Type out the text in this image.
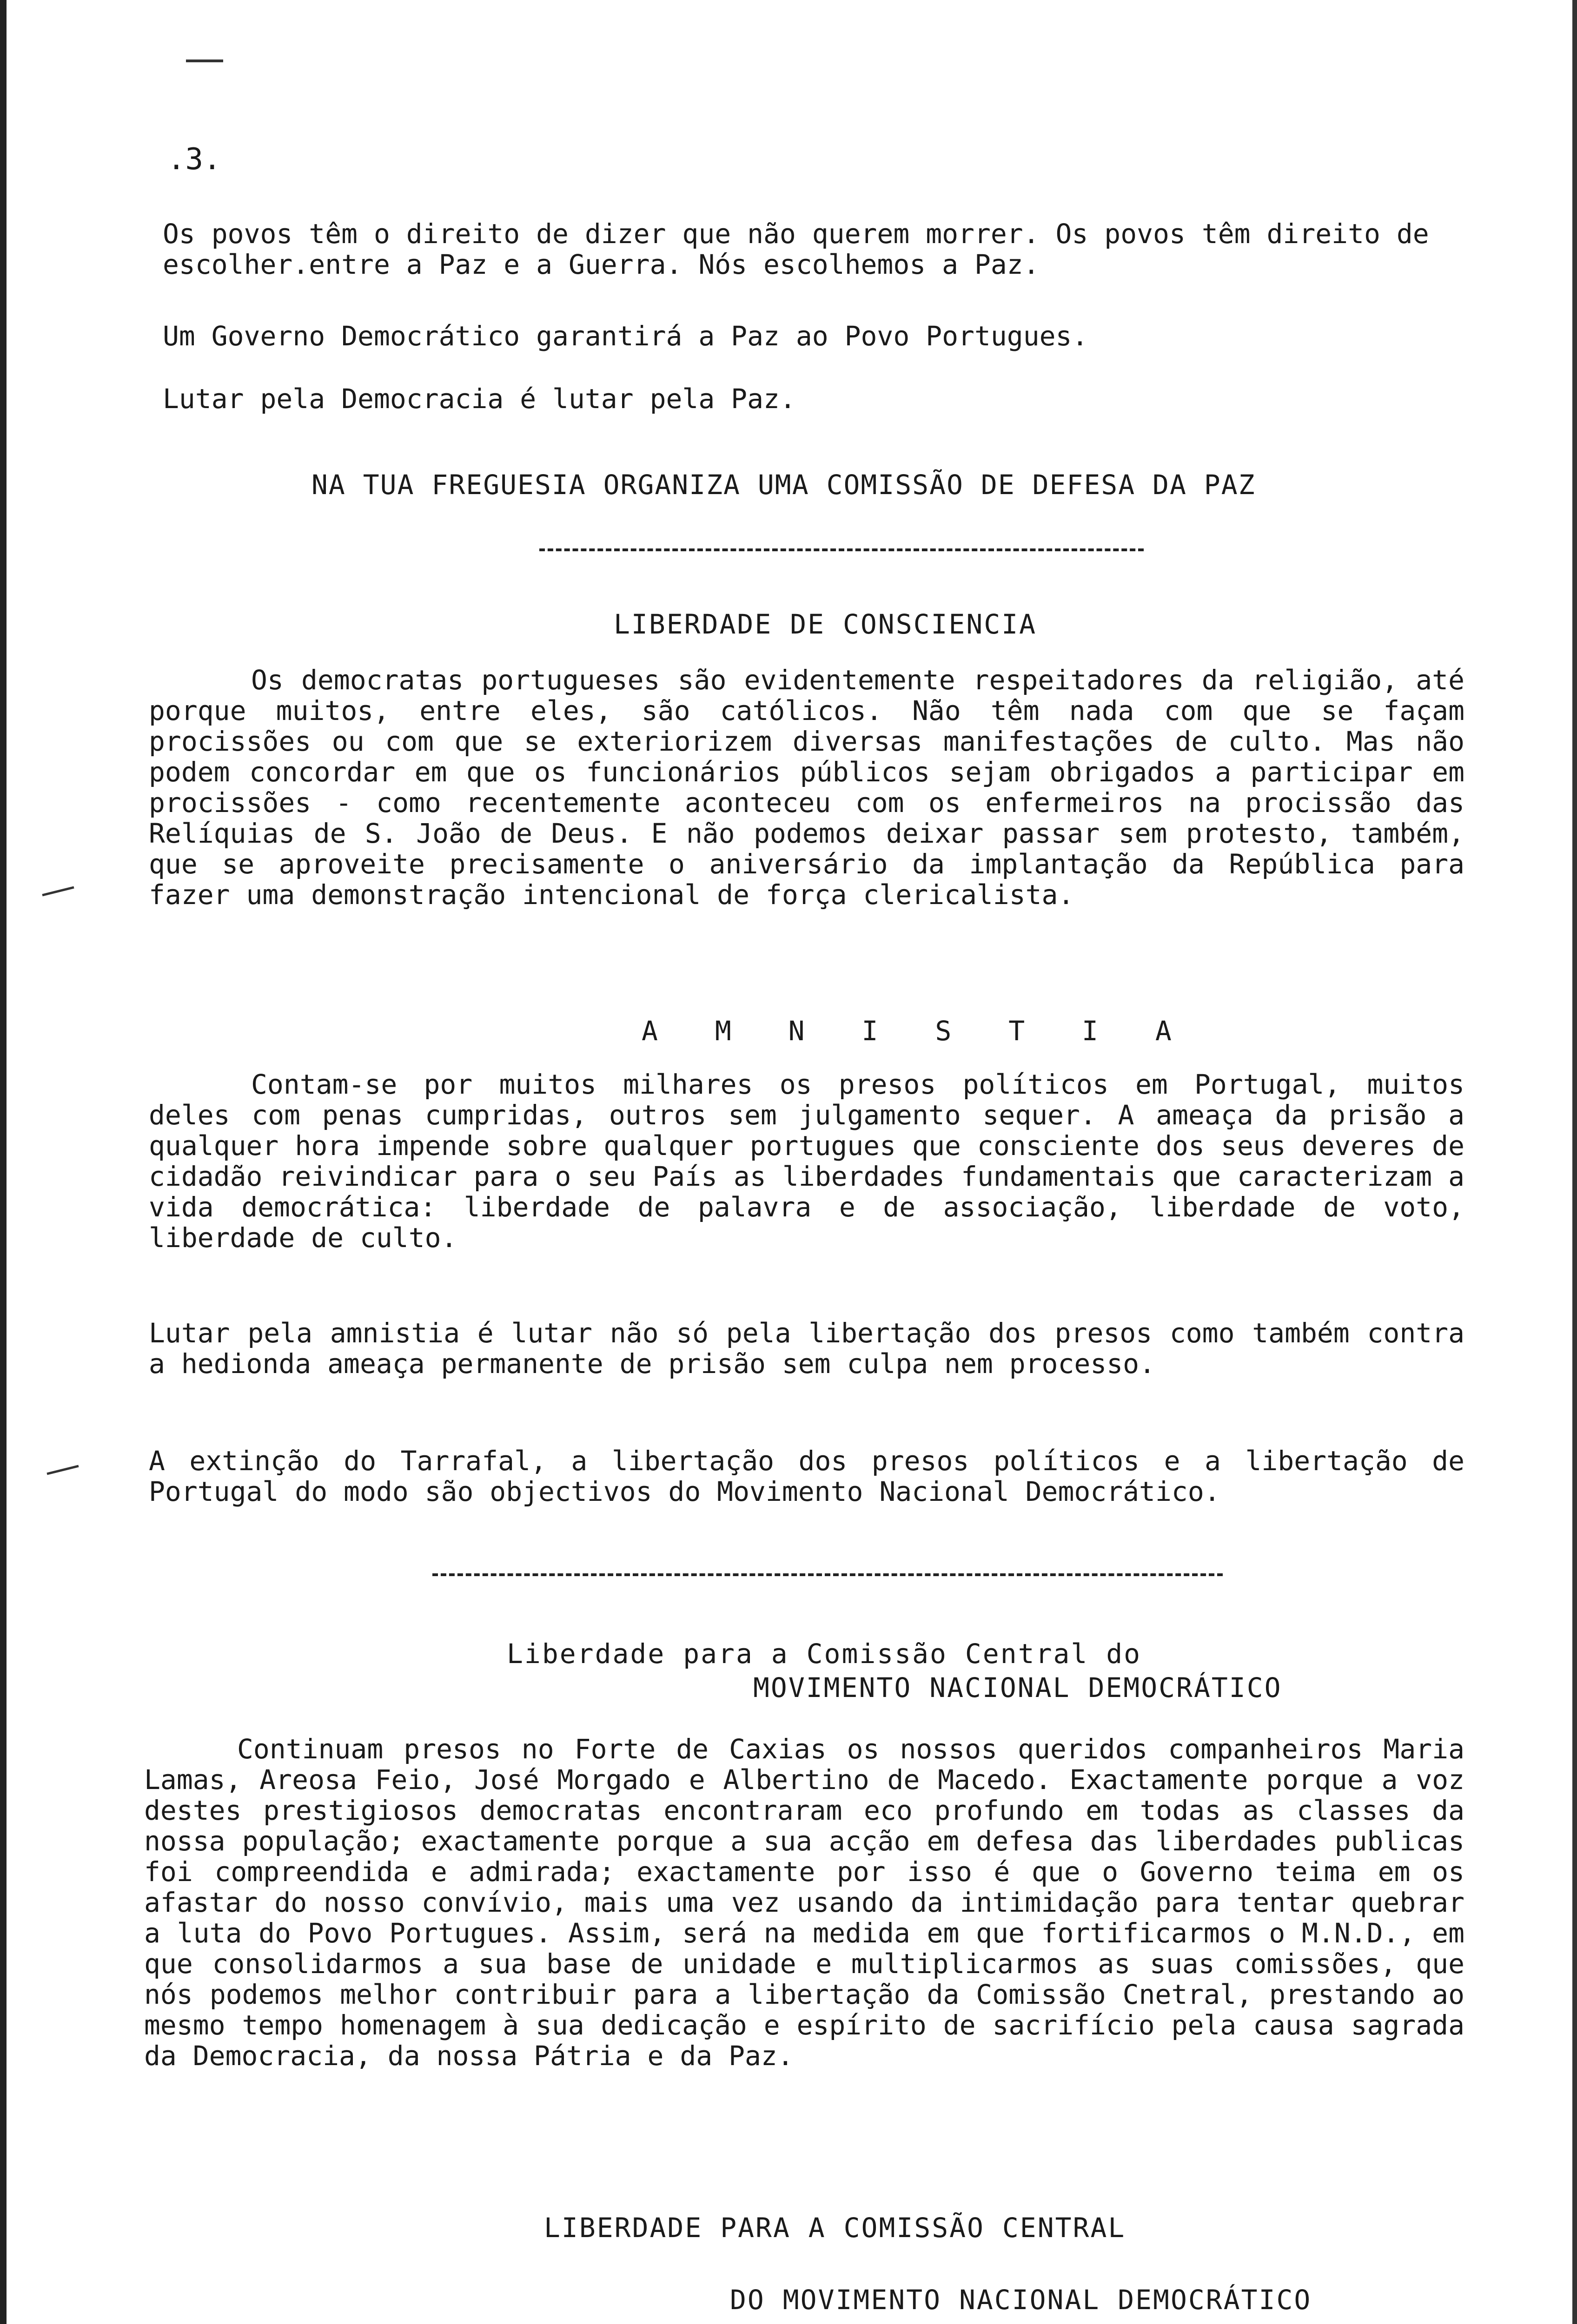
.3.

Os povos têm o direito de dizer que não querem morrer. Os povos têm direito de escolher.entre a Paz e a Guerra. Nós escolhemos a Paz.

Um Governo Democrático garantirá a Paz ao Povo Portugues.

Lutar pela Democracia é lutar pela Paz.

NA TUA FREGUESIA ORGANIZA UMA COMISSÃO DE DEFESA DA PAZ

LIBERDADE DE CONSCIENCIA

Os democratas portugueses são evidentemente respeitadores da religião, até porque muitos, entre eles, são católicos. Não têm nada com que se façam procissões ou com que se exteriorizem diversas manifestações de culto. Mas não podem concordar em que os funcionários públicos sejam obrigados a participar em procissões - como recentemente aconteceu com os enfermeiros na procissão das Relíquias de S. João de Deus. E não podemos deixar passar sem protesto, também, que se aproveite precisamente o aniversário da implantação da República para fazer uma demonstração intencional de força clericalista.

A M N I S T I A

Contam-se por muitos milhares os presos políticos em Portugal, muitos deles com penas cumpridas, outros sem julgamento sequer. A ameaça da prisão a qualquer hora impende sobre qualquer portugues que consciente dos seus deveres de cidadão reivindicar para o seu País as liberdades fundamentais que caracterizam a vida democrática: liberdade de palavra e de associação, liberdade de voto, liberdade de culto.

Lutar pela amnistia é lutar não só pela libertação dos presos como também contra a hedionda ameaça permanente de prisão sem culpa nem processo.

A extinção do Tarrafal, a libertação dos presos políticos e a libertação de Portugal do modo são objectivos do Movimento Nacional Democrático.

Liberdade para a Comissão Central do

MOVIMENTO NACIONAL DEMOCRÁTICO

Continuam presos no Forte de Caxias os nossos queridos companheiros Maria Lamas, Areosa Feio, José Morgado e Albertino de Macedo. Exactamente porque a voz destes prestigiosos democratas encontraram eco profundo em todas as classes da nossa população; exactamente porque a sua acção em defesa das liberdades publicas foi compreendida e admirada; exactamente por isso é que o Governo teima em os afastar do nosso convívio, mais uma vez usando da intimidação para tentar quebrar a luta do Povo Portugues. Assim, será na medida em que fortificarmos o M.N.D., em que consolidarmos a sua base de unidade e multiplicarmos as suas comissões, que nós podemos melhor contribuir para a libertação da Comissão Cnetral, prestando ao mesmo tempo homenagem à sua dedicação e espírito de sacrifício pela causa sagrada da Democracia, da nossa Pátria e da Paz.

LIBERDADE PARA A COMISSÃO CENTRAL

DO MOVIMENTO NACIONAL DEMOCRÁTICO
